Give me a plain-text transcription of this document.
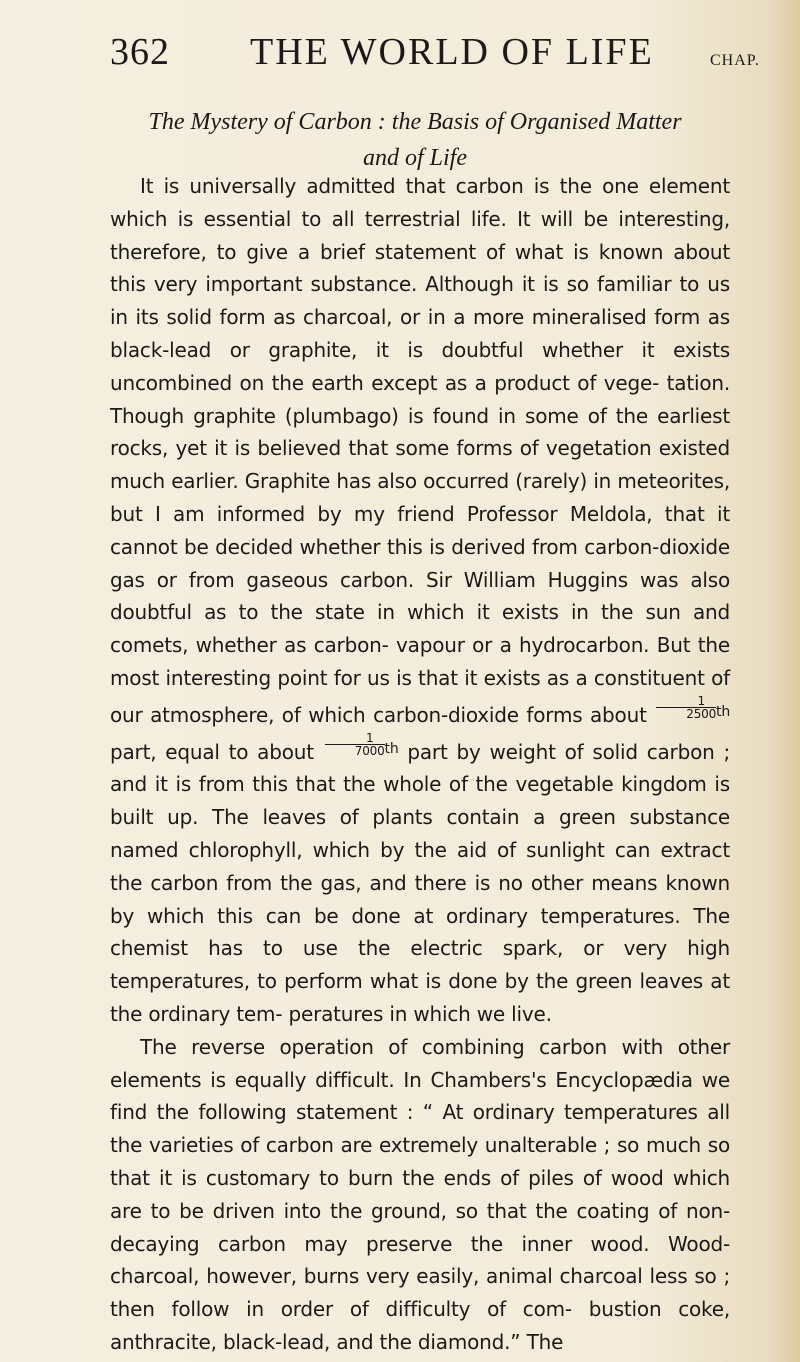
362 THE WORLD OF LIFE	CHAP.
The Mystery of Carbon : the Basis of Organised Matter
and of Life

It is universally admitted that carbon is the one element which is essential to all terrestrial life. It will be interesting, therefore, to give a brief statement of what is known about this very important substance. Although it is so familiar to us in its solid form as charcoal, or in a more mineralised form as black-lead or graphite, it is doubtful whether it exists uncombined on the earth except as a product of vege- tation. Though graphite (plumbago) is found in some of the earliest rocks, yet it is believed that some forms of vegetation existed much earlier. Graphite has also occurred (rarely) in meteorites, but I am informed by my friend Professor Meldola, that it cannot be decided whether this is derived from carbon-dioxide gas or from gaseous carbon. Sir William Huggins was also doubtful as to the state in which it exists in the sun and comets, whether as carbon- vapour or a hydrocarbon. But the most interesting point for us is that it exists as a constituent of our atmosphere, of which carbon-dioxide forms about $\frac{1}{2500} ^{th}$ part, equal to about $\frac{1}{7000} ^{th}$ part by weight of solid carbon ; and it is from this that the whole of the vegetable kingdom is built up. The leaves of plants contain a green substance named chlorophyll, which by the aid of sunlight can extract the carbon from the gas, and there is no other means known by which this can be done at ordinary temperatures. The chemist has to use the electric spark, or very high temperatures, to perform what is done by the green leaves at the ordinary tem- peratures in which we live.

The reverse operation of combining carbon with other elements is equally difficult. In Chambers's Encyclopædia we find the following statement : “ At ordinary temperatures all the varieties of carbon are extremely unalterable ; so much so that it is customary to burn the ends of piles of wood which are to be driven into the ground, so that the coating of non-decaying carbon may preserve the inner wood. Wood-charcoal, however, burns very easily, animal charcoal less so ; then follow in order of difficulty of com- bustion coke, anthracite, black-lead, and the diamond.” The
